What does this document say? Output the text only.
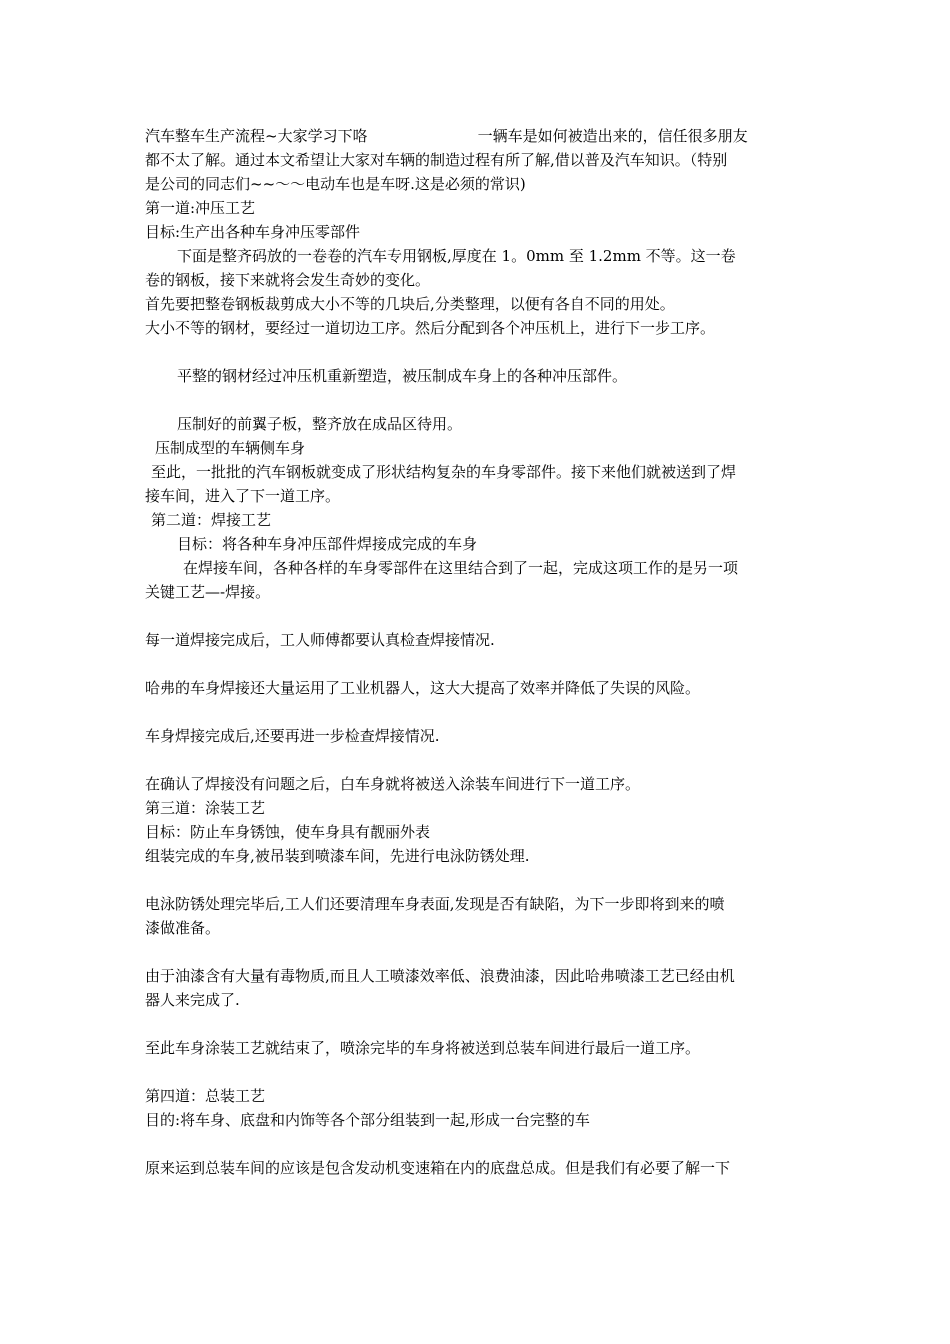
汽车整车生产流程~大家学习下咯	一辆车是如何被造出来的，信任很多朋友
都不太了解。通过本文希望让大家对车辆的制造过程有所了解,借以普及汽车知识。（特别
是公司的同志们~~～～电动车也是车呀.这是必须的常识)
第一道:冲压工艺
目标:生产出各种车身冲压零部件
下面是整齐码放的一卷卷的汽车专用钢板,厚度在 1。0mm 至 1.2mm 不等。这一卷
卷的钢板，接下来就将会发生奇妙的变化。
首先要把整卷钢板裁剪成大小不等的几块后,分类整理，以便有各自不同的用处。
大小不等的钢材，要经过一道切边工序。然后分配到各个冲压机上，进行下一步工序。
平整的钢材经过冲压机重新塑造，被压制成车身上的各种冲压部件。
压制好的前翼子板，整齐放在成品区待用。
压制成型的车辆侧车身
至此，一批批的汽车钢板就变成了形状结构复杂的车身零部件。接下来他们就被送到了焊
接车间，进入了下一道工序。
第二道：焊接工艺
目标：将各种车身冲压部件焊接成完成的车身
在焊接车间，各种各样的车身零部件在这里结合到了一起，完成这项工作的是另一项
关键工艺—-焊接。
每一道焊接完成后，工人师傅都要认真检查焊接情况.
哈弗的车身焊接还大量运用了工业机器人，这大大提高了效率并降低了失误的风险。
车身焊接完成后,还要再进一步检查焊接情况.
在确认了焊接没有问题之后，白车身就将被送入涂装车间进行下一道工序。
第三道：涂装工艺
目标：防止车身锈蚀，使车身具有靓丽外表
组装完成的车身,被吊装到喷漆车间，先进行电泳防锈处理.
电泳防锈处理完毕后,工人们还要清理车身表面,发现是否有缺陷，为下一步即将到来的喷
漆做准备。
由于油漆含有大量有毒物质,而且人工喷漆效率低、浪费油漆，因此哈弗喷漆工艺已经由机
器人来完成了.
至此车身涂装工艺就结束了，喷涂完毕的车身将被送到总装车间进行最后一道工序。
第四道：总装工艺
目的:将车身、底盘和内饰等各个部分组装到一起,形成一台完整的车
原来运到总装车间的应该是包含发动机变速箱在内的底盘总成。但是我们有必要了解一下
